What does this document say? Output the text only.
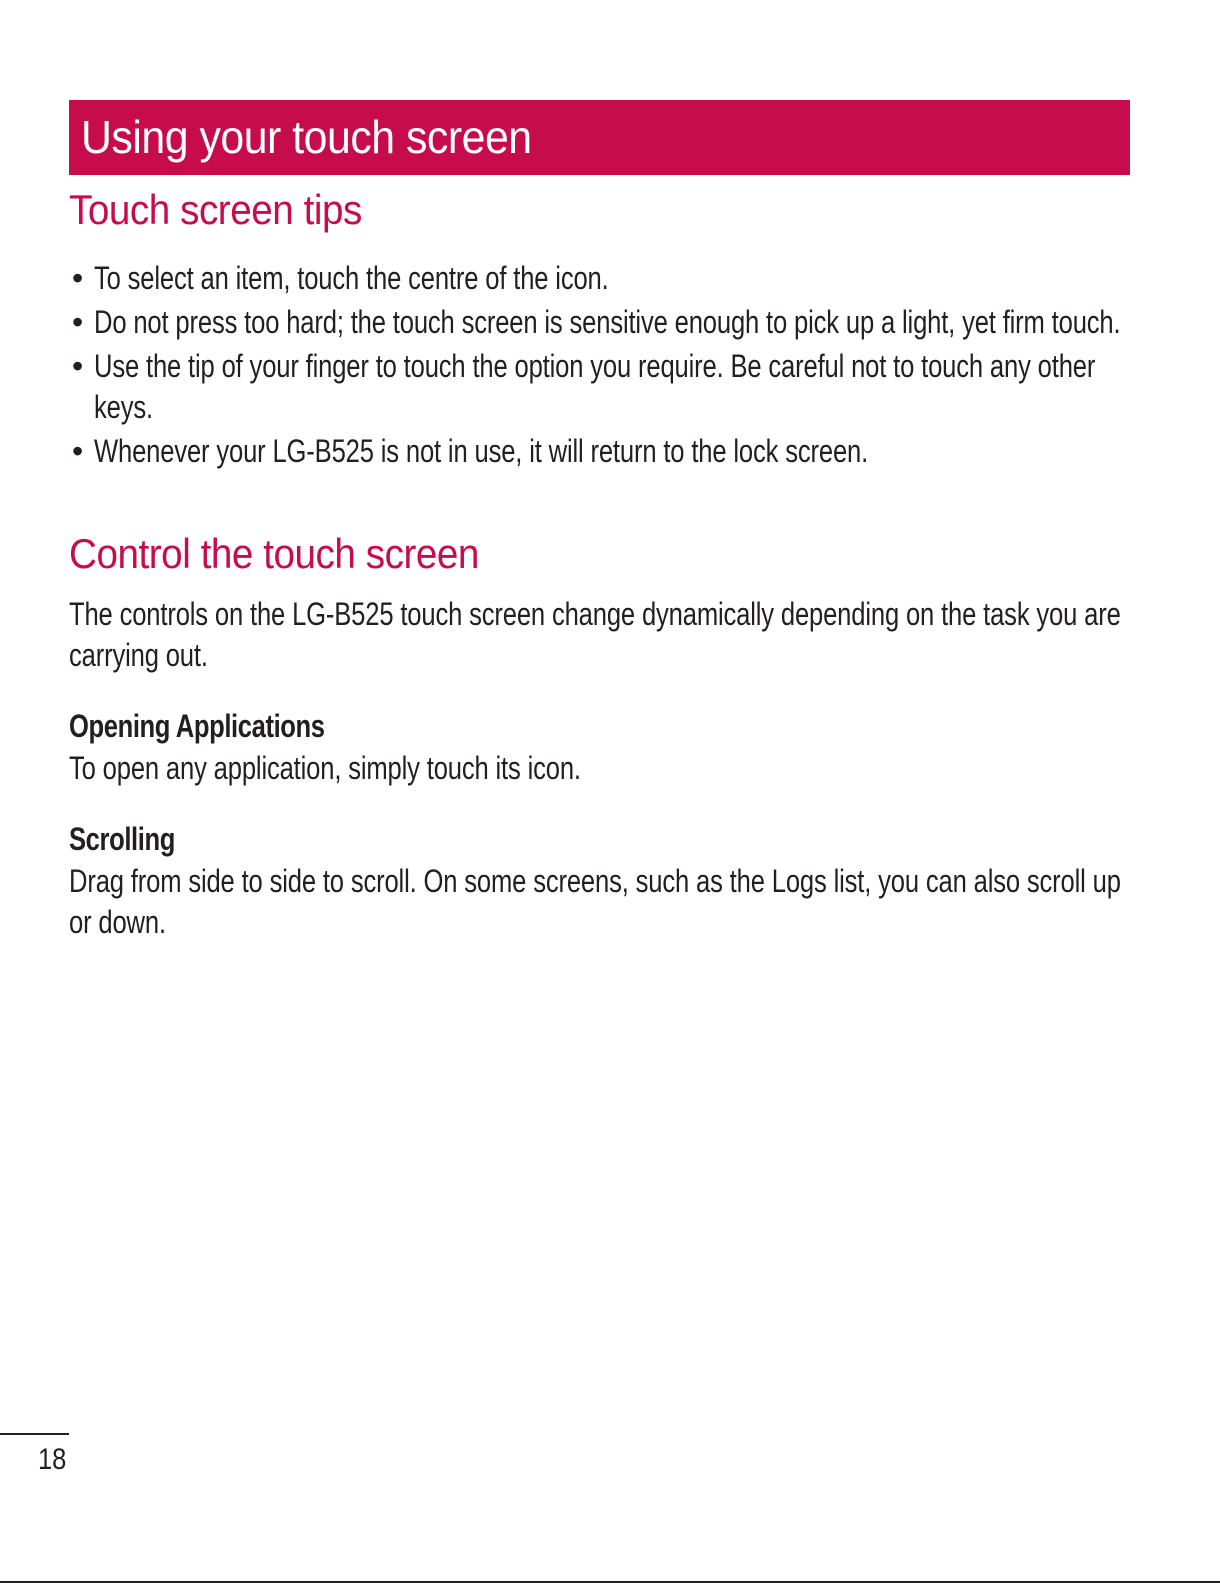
Using your touch screen
Touch screen tips
• To select an item, touch the centre of the icon.
• Do not press too hard; the touch screen is sensitive enough to pick up a light, yet firm touch.
• Use the tip of your finger to touch the option you require. Be careful not to touch any other keys.
• Whenever your LG-B525 is not in use, it will return to the lock screen.
Control the touch screen

The controls on the LG-B525 touch screen change dynamically depending on the task you are carrying out.

Opening Applications

To open any application, simply touch its icon.

Scrolling

Drag from side to side to scroll. On some screens, such as the Logs list, you can also scroll up or down.

18
